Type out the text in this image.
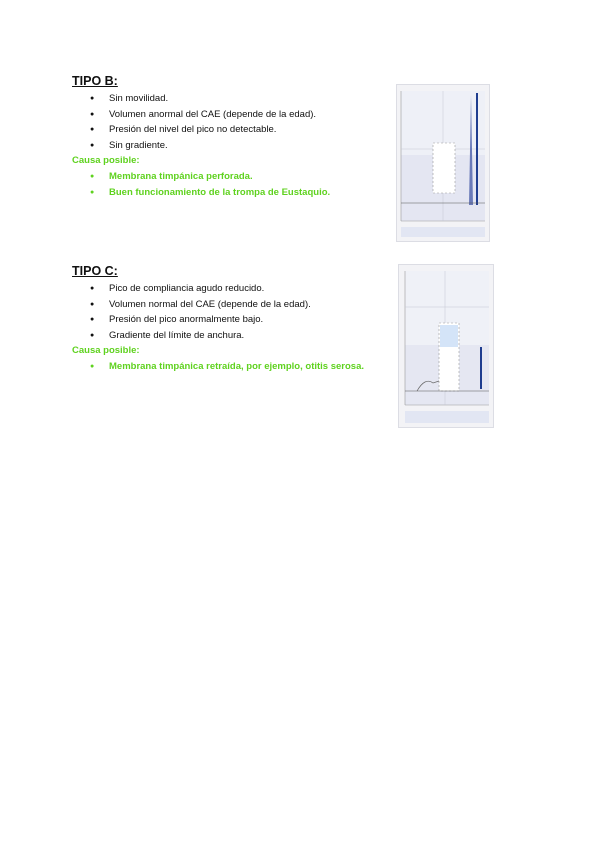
TIPO B:
● Sin movilidad.
● Volumen anormal del CAE (depende de la edad).
● Presión del nivel del pico no detectable.
● Sin gradiente.
Causa posible:
● Membrana timpánica perforada.
● Buen funcionamiento de la trompa de Eustaquio.
TIPO C:
● Pico de compliancia agudo reducido.
● Volumen normal del CAE (depende de la edad).
● Presión del pico anormalmente bajo.
● Gradiente del límite de anchura.
Causa posible:
● Membrana timpánica retraída, por ejemplo, otitis serosa.
